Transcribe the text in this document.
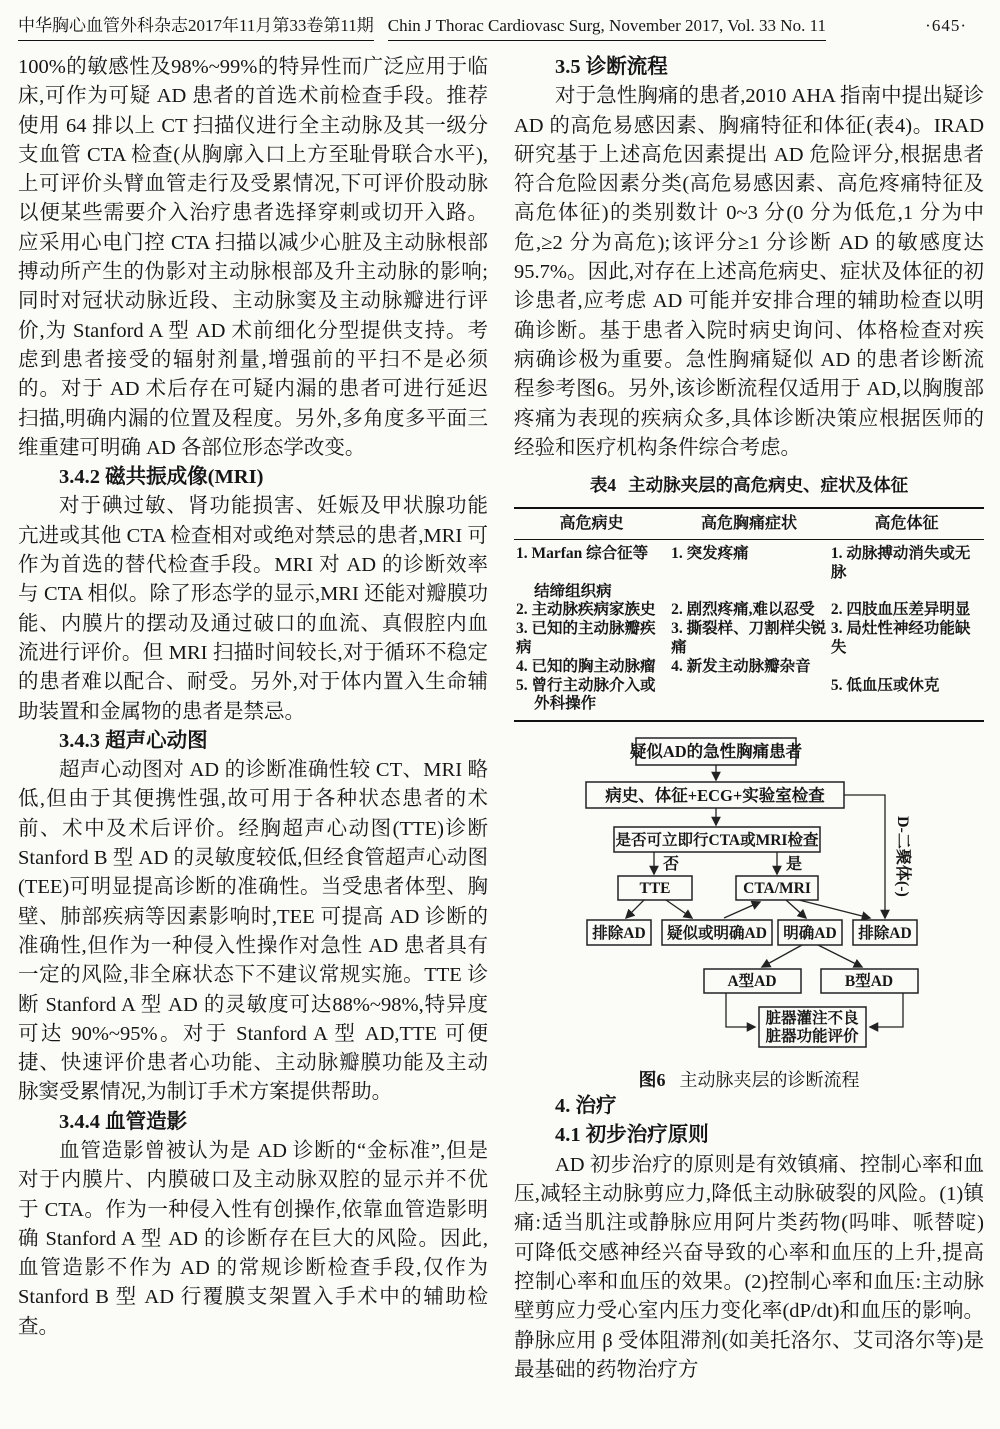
中华胸心血管外科杂志2017年11月第33卷第11期 Chin J Thorac Cardiovasc Surg, November 2017, Vol. 33 No. 11	·645·

100%的敏感性及98%~99%的特异性而广泛应用于临床,可作为可疑 AD 患者的首选术前检查手段。推荐使用 64 排以上 CT 扫描仪进行全主动脉及其一级分支血管 CTA 检查(从胸廓入口上方至耻骨联合水平),上可评价头臂血管走行及受累情况,下可评价股动脉以便某些需要介入治疗患者选择穿刺或切开入路。应采用心电门控 CTA 扫描以减少心脏及主动脉根部搏动所产生的伪影对主动脉根部及升主动脉的影响;同时对冠状动脉近段、主动脉窦及主动脉瓣进行评价,为 Stanford A 型 AD 术前细化分型提供支持。考虑到患者接受的辐射剂量,增强前的平扫不是必须的。对于 AD 术后存在可疑内漏的患者可进行延迟扫描,明确内漏的位置及程度。另外,多角度多平面三维重建可明确 AD 各部位形态学改变。

3.4.2 磁共振成像(MRI)

对于碘过敏、肾功能损害、妊娠及甲状腺功能亢进或其他 CTA 检查相对或绝对禁忌的患者,MRI 可作为首选的替代检查手段。MRI 对 AD 的诊断效率与 CTA 相似。除了形态学的显示,MRI 还能对瓣膜功能、内膜片的摆动及通过破口的血流、真假腔内血流进行评价。但 MRI 扫描时间较长,对于循环不稳定的患者难以配合、耐受。另外,对于体内置入生命辅助装置和金属物的患者是禁忌。

3.4.3 超声心动图

超声心动图对 AD 的诊断准确性较 CT、MRI 略低,但由于其便携性强,故可用于各种状态患者的术前、术中及术后评价。经胸超声心动图(TTE)诊断 Stanford B 型 AD 的灵敏度较低,但经食管超声心动图(TEE)可明显提高诊断的准确性。当受患者体型、胸壁、肺部疾病等因素影响时,TEE 可提高 AD 诊断的准确性,但作为一种侵入性操作对急性 AD 患者具有一定的风险,非全麻状态下不建议常规实施。TTE 诊断 Stanford A 型 AD 的灵敏度可达88%~98%,特异度可达 90%~95%。对于 Stanford A 型 AD,TTE 可便捷、快速评价患者心功能、主动脉瓣膜功能及主动脉窦受累情况,为制订手术方案提供帮助。

3.4.4 血管造影

血管造影曾被认为是 AD 诊断的“金标准”,但是对于内膜片、内膜破口及主动脉双腔的显示并不优于 CTA。作为一种侵入性有创操作,依靠血管造影明确 Stanford A 型 AD 的诊断存在巨大的风险。因此,血管造影不作为 AD 的常规诊断检查手段,仅作为 Stanford B 型 AD 行覆膜支架置入手术中的辅助检查。

3.5 诊断流程

对于急性胸痛的患者,2010 AHA 指南中提出疑诊 AD 的高危易感因素、胸痛特征和体征(表4)。IRAD 研究基于上述高危因素提出 AD 危险评分,根据患者符合危险因素分类(高危易感因素、高危疼痛特征及高危体征)的类别数计 0~3 分(0 分为低危,1 分为中危,≥2 分为高危);该评分≥1 分诊断 AD 的敏感度达 95.7%。因此,对存在上述高危病史、症状及体征的初诊患者,应考虑 AD 可能并安排合理的辅助检查以明确诊断。基于患者入院时病史询问、体格检查对疾病确诊极为重要。急性胸痛疑似 AD 的患者诊断流程参考图6。另外,该诊断流程仅适用于 AD,以胸腹部疼痛为表现的疾病众多,具体诊断决策应根据医师的经验和医疗机构条件综合考虑。

表4 主动脉夹层的高危病史、症状及体征
高危病史	高危胸痛症状	高危体征
1. Marfan 综合征等	1. 突发疼痛	1. 动脉搏动消失或无脉
结缔组织病		
2. 主动脉疾病家族史	2. 剧烈疼痛,难以忍受	2. 四肢血压差异明显
3. 已知的主动脉瓣疾病	3. 撕裂样、刀割样尖锐痛	3. 局灶性神经功能缺失
4. 已知的胸主动脉瘤	4. 新发主动脉瓣杂音	
5. 曾行主动脉介入或		5. 低血压或休克
外科操作		
疑似AD的急性胸痛患者
病史、体征+ECG+实验室检查
是否可立即行CTA或MRI检查
TTE	CTA/MRI
排除AD 疑似或明确AD 明确AD 排除AD
A型AD	B型AD
脏器灌注不良
脏器功能评价
否	是	D-二聚体(-)
图6 主动脉夹层的诊断流程
4. 治疗
4.1 初步治疗原则

AD 初步治疗的原则是有效镇痛、控制心率和血压,减轻主动脉剪应力,降低主动脉破裂的风险。(1)镇痛:适当肌注或静脉应用阿片类药物(吗啡、哌替啶)可降低交感神经兴奋导致的心率和血压的上升,提高控制心率和血压的效果。(2)控制心率和血压:主动脉壁剪应力受心室内压力变化率(dP/dt)和血压的影响。静脉应用 β 受体阻滞剂(如美托洛尔、艾司洛尔等)是最基础的药物治疗方
